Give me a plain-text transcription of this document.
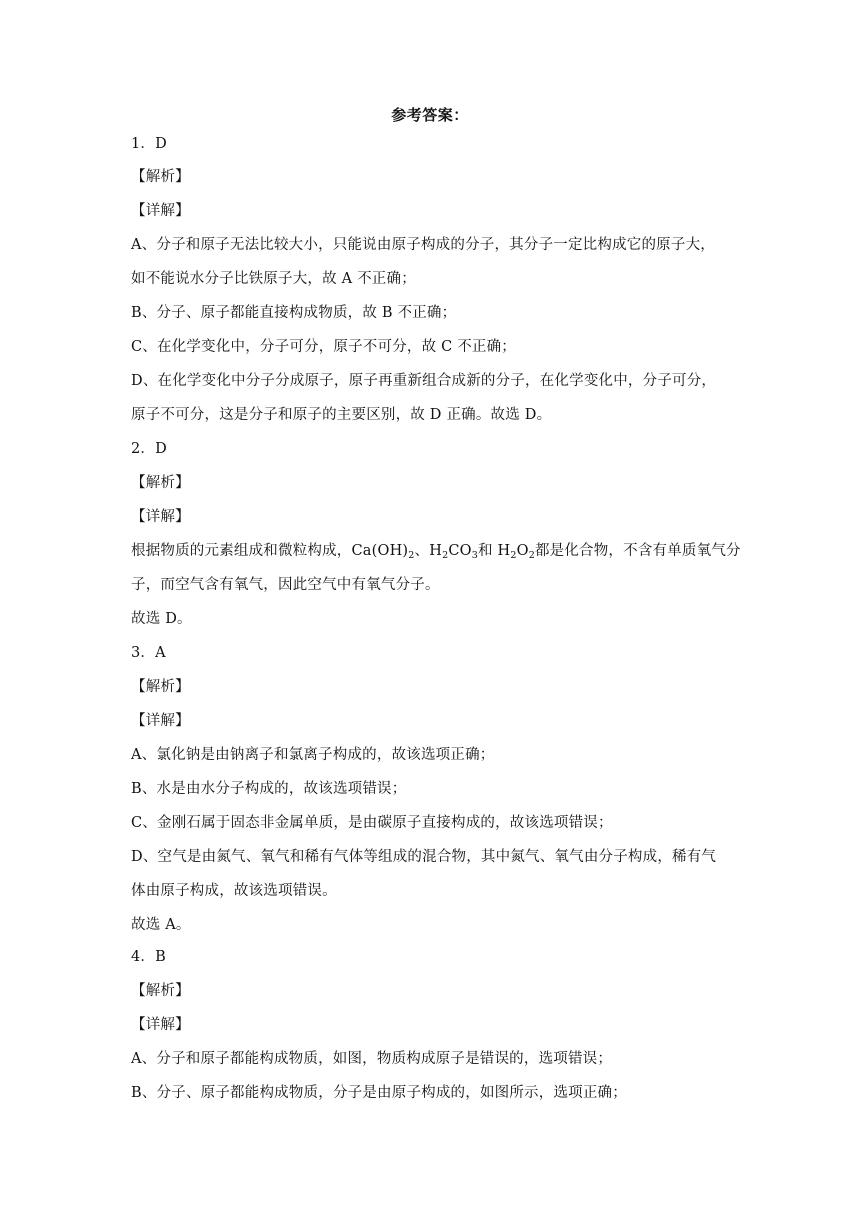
参考答案：
1．D
【解析】
【详解】
A、分子和原子无法比较大小，只能说由原子构成的分子，其分子一定比构成它的原子大，
如不能说水分子比铁原子大，故 A 不正确；
B、分子、原子都能直接构成物质，故 B 不正确；
C、在化学变化中，分子可分，原子不可分，故 C 不正确；
D、在化学变化中分子分成原子，原子再重新组合成新的分子，在化学变化中，分子可分，
原子不可分，这是分子和原子的主要区别，故 D 正确。故选 D。
2．D
【解析】
【详解】
根据物质的元素组成和微粒构成，$Ca(OH)_2$、$H_2CO_3$和 $H_2O_2$都是化合物，不含有单质氧气分
子，而空气含有氧气，因此空气中有氧气分子。
故选 D。
3．A
【解析】
【详解】
A、氯化钠是由钠离子和氯离子构成的，故该选项正确；
B、水是由水分子构成的，故该选项错误；
C、金刚石属于固态非金属单质，是由碳原子直接构成的，故该选项错误；
D、空气是由氮气、氧气和稀有气体等组成的混合物，其中氮气、氧气由分子构成，稀有气
体由原子构成，故该选项错误。
故选 A。
4．B
【解析】
【详解】
A、分子和原子都能构成物质，如图，物质构成原子是错误的，选项错误；
B、分子、原子都能构成物质，分子是由原子构成的，如图所示，选项正确；
